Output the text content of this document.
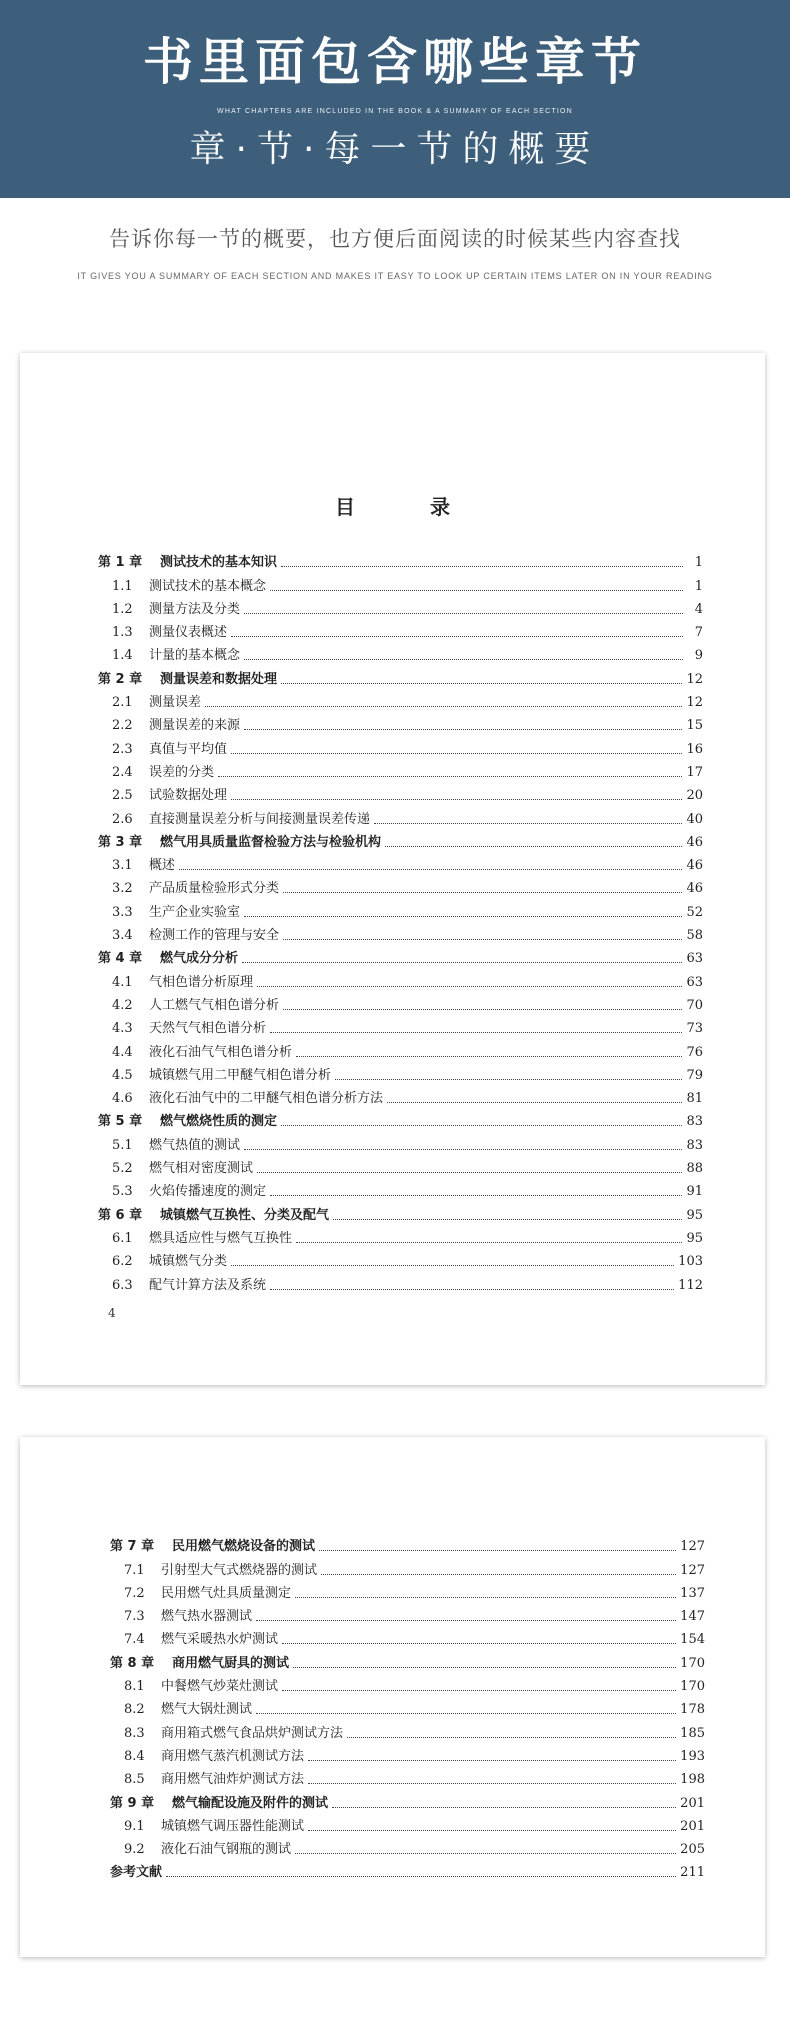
书里面包含哪些章节
WHAT CHAPTERS ARE INCLUDED IN THE BOOK & A SUMMARY OF EACH SECTION
章·节·每一节的概要
告诉你每一节的概要，也方便后面阅读的时候某些内容查找
IT GIVES YOU A SUMMARY OF EACH SECTION AND MAKES IT EASY TO LOOK UP CERTAIN ITEMS LATER ON IN YOUR READING
目 录
第 1 章	测试技术的基本知识	1
1.1	测试技术的基本概念	1
1.2	测量方法及分类	4
1.3	测量仪表概述	7
1.4	计量的基本概念	9
第 2 章	测量误差和数据处理	12
2.1	测量误差	12
2.2	测量误差的来源	15
2.3	真值与平均值	16
2.4	误差的分类	17
2.5	试验数据处理	20
2.6	直接测量误差分析与间接测量误差传递	40
第 3 章	燃气用具质量监督检验方法与检验机构	46
3.1	概述	46
3.2	产品质量检验形式分类	46
3.3	生产企业实验室	52
3.4	检测工作的管理与安全	58
第 4 章	燃气成分分析	63
4.1	气相色谱分析原理	63
4.2	人工燃气气相色谱分析	70
4.3	天然气气相色谱分析	73
4.4	液化石油气气相色谱分析	76
4.5	城镇燃气用二甲醚气相色谱分析	79
4.6	液化石油气中的二甲醚气相色谱分析方法	81
第 5 章	燃气燃烧性质的测定	83
5.1	燃气热值的测试	83
5.2	燃气相对密度测试	88
5.3	火焰传播速度的测定	91
第 6 章	城镇燃气互换性、分类及配气	95
6.1	燃具适应性与燃气互换性	95
6.2	城镇燃气分类	103
6.3	配气计算方法及系统	112
4
第 7 章	民用燃气燃烧设备的测试	127
7.1	引射型大气式燃烧器的测试	127
7.2	民用燃气灶具质量测定	137
7.3	燃气热水器测试	147
7.4	燃气采暖热水炉测试	154
第 8 章	商用燃气厨具的测试	170
8.1	中餐燃气炒菜灶测试	170
8.2	燃气大锅灶测试	178
8.3	商用箱式燃气食品烘炉测试方法	185
8.4	商用燃气蒸汽机测试方法	193
8.5	商用燃气油炸炉测试方法	198
第 9 章	燃气输配设施及附件的测试	201
9.1	城镇燃气调压器性能测试	201
9.2	液化石油气钢瓶的测试	205
参考文献	211
